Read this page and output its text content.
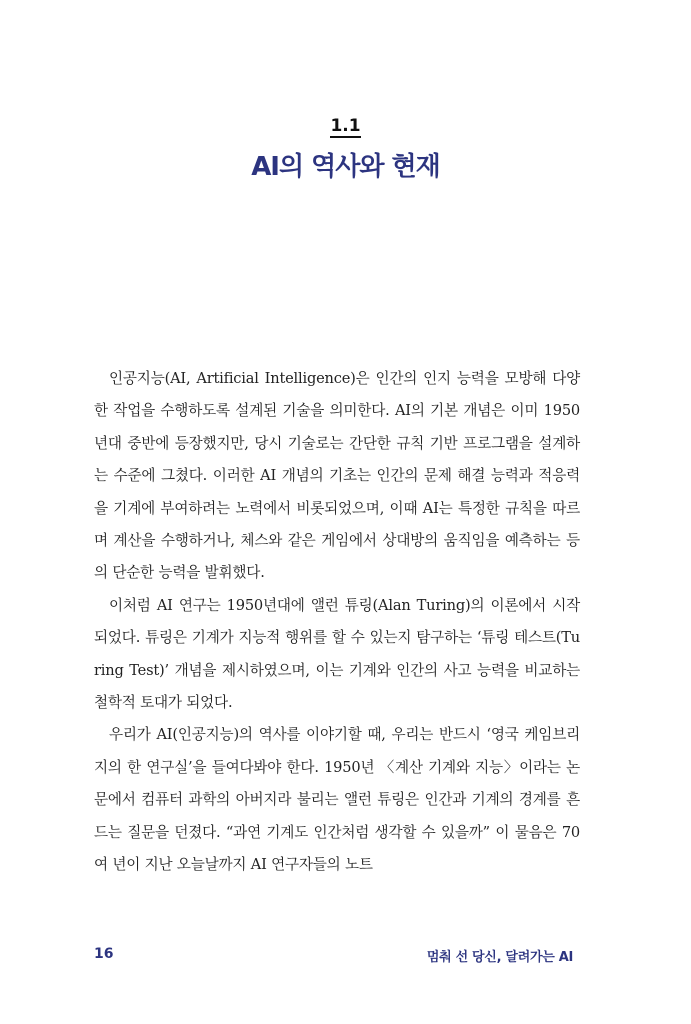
1.1
AI의 역사와 현재

인공지능(AI, Artificial Intelligence)은 인간의 인지 능력을 모방해 다양한 작업을 수행하도록 설계된 기술을 의미한다. AI의 기본 개념은 이미 1950년대 중반에 등장했지만, 당시 기술로는 간단한 규칙 기반 프로그램을 설계하는 수준에 그쳤다. 이러한 AI 개념의 기초는 인간의 문제 해결 능력과 적응력을 기계에 부여하려는 노력에서 비롯되었으며, 이때 AI는 특정한 규칙을 따르며 계산을 수행하거나, 체스와 같은 게임에서 상대방의 움직임을 예측하는 등의 단순한 능력을 발휘했다.

이처럼 AI 연구는 1950년대에 앨런 튜링(Alan Turing)의 이론에서 시작되었다. 튜링은 기계가 지능적 행위를 할 수 있는지 탐구하는 ‘튜링 테스트(Turing Test)’ 개념을 제시하였으며, 이는 기계와 인간의 사고 능력을 비교하는 철학적 토대가 되었다.

우리가 AI(인공지능)의 역사를 이야기할 때, 우리는 반드시 ‘영국 케임브리지의 한 연구실’을 들여다봐야 한다. 1950년 〈계산 기계와 지능〉이라는 논문에서 컴퓨터 과학의 아버지라 불리는 앨런 튜링은 인간과 기계의 경계를 흔드는 질문을 던졌다. “과연 기계도 인간처럼 생각할 수 있을까” 이 물음은 70여 년이 지난 오늘날까지 AI 연구자들의 노트

16	멈춰 선 당신, 달려가는 AI
